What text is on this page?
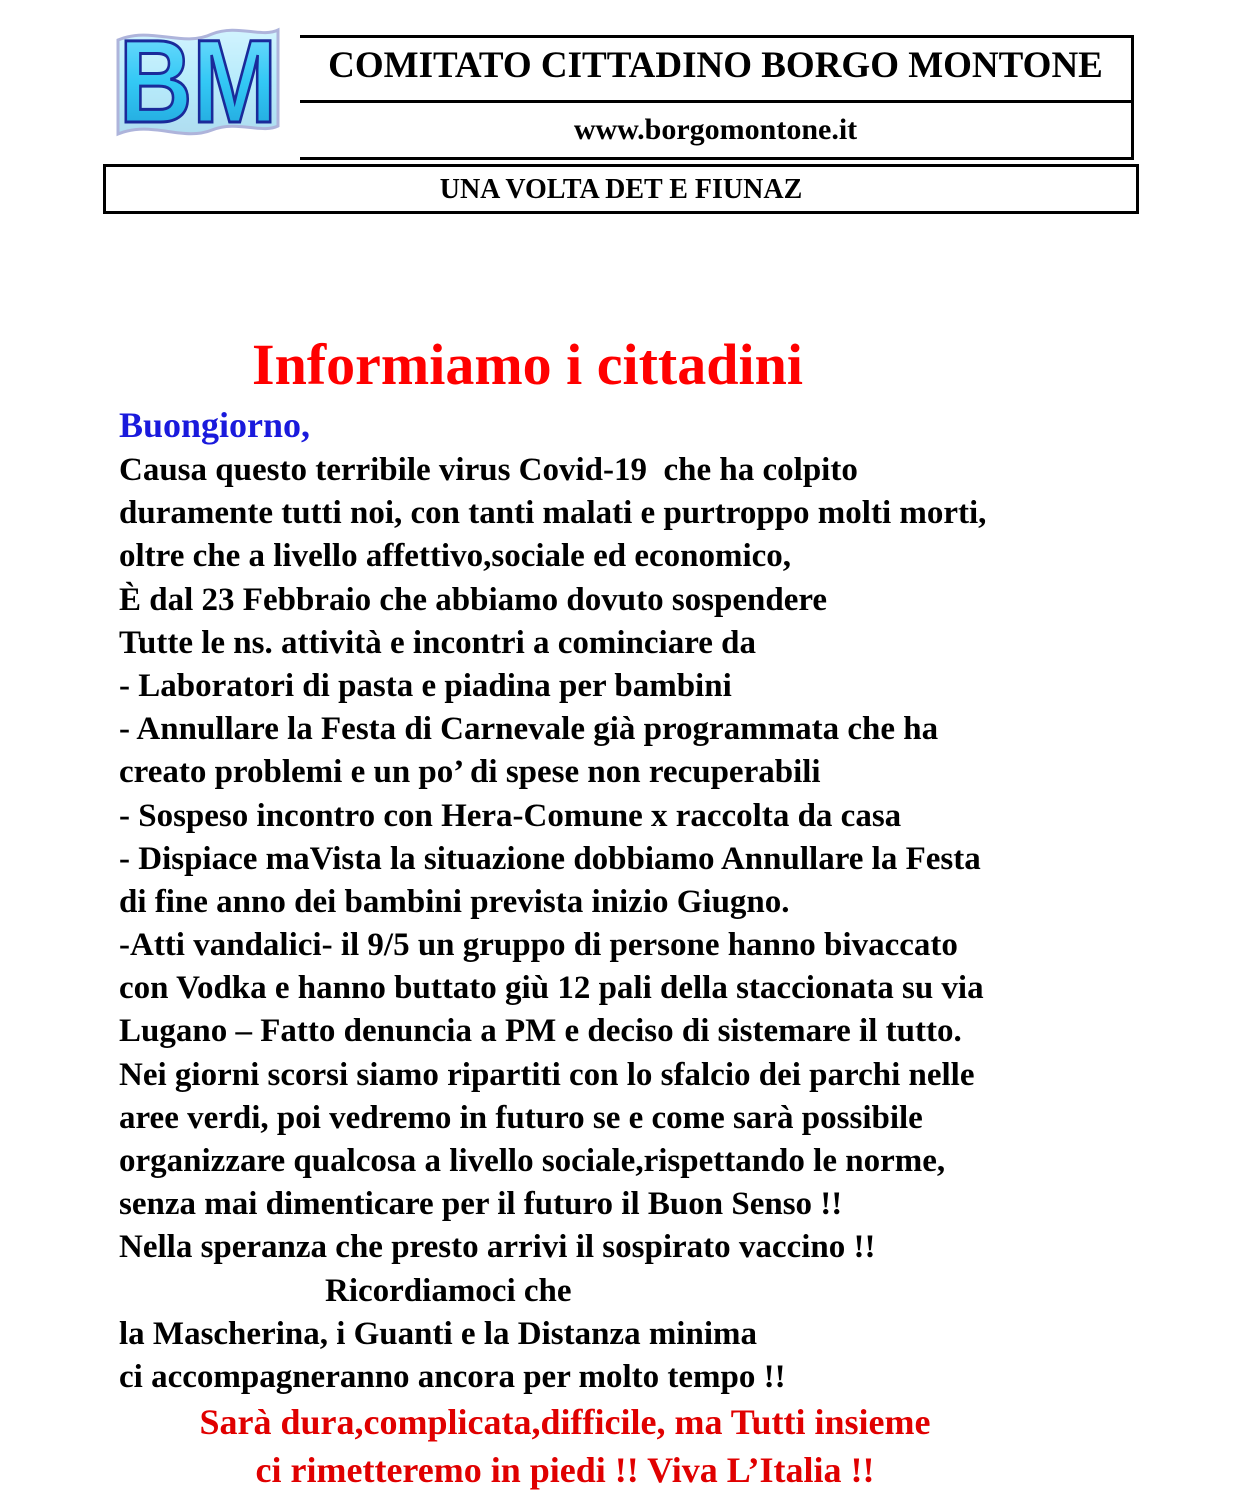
BM	COMITATO CITTADINO BORGO MONTONE
www.borgomontone.it
UNA VOLTA DET E FIUNAZ
Informiamo i cittadini
Buongiorno,
Causa questo terribile virus Covid-19  che ha colpito
duramente tutti noi, con tanti malati e purtroppo molti morti,
oltre che a livello affettivo,sociale ed economico,
È dal 23 Febbraio che abbiamo dovuto sospendere
Tutte le ns. attività e incontri a cominciare da
- Laboratori di pasta e piadina per bambini
- Annullare la Festa di Carnevale già programmata che ha
creato problemi e un po’ di spese non recuperabili
- Sospeso incontro con Hera-Comune x raccolta da casa
- Dispiace maVista la situazione dobbiamo Annullare la Festa
di fine anno dei bambini prevista inizio Giugno.
-Atti vandalici- il 9/5 un gruppo di persone hanno bivaccato
con Vodka e hanno buttato giù 12 pali della staccionata su via
Lugano – Fatto denuncia a PM e deciso di sistemare il tutto.
Nei giorni scorsi siamo ripartiti con lo sfalcio dei parchi nelle
aree verdi, poi vedremo in futuro se e come sarà possibile
organizzare qualcosa a livello sociale,rispettando le norme,
senza mai dimenticare per il futuro il Buon Senso !!
Nella speranza che presto arrivi il sospirato vaccino !!
Ricordiamoci che
la Mascherina, i Guanti e la Distanza minima
ci accompagneranno ancora per molto tempo !!
Sarà dura,complicata,difficile, ma Tutti insieme
ci rimetteremo in piedi !! Viva L’Italia !!
